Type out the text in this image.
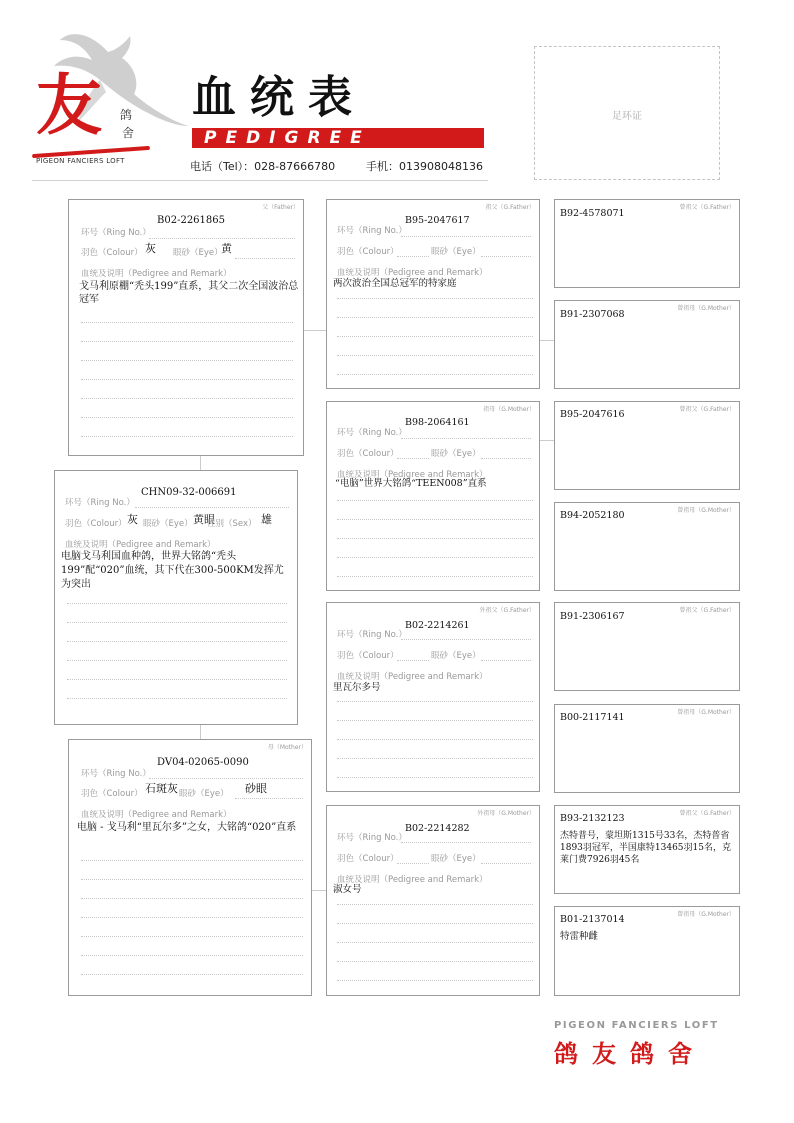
友 鸽
舍
PIGEON FANCIERS LOFT
血统表
PEDIGREE
电话（Tel）：028-87666780	手机：013908048136
足环证
父（Father）
环号（Ring No.）
B02-2261865
羽色（Colour） 灰 眼砂（Eye）
黄
血统及说明（Pedigree and Remark）
戈马利原棚“秃头199”直系，其父二次全国波治总冠军
环号（Ring No.）
CHN09-32-006691
羽色（Colour） 灰 眼砂（Eye） 黄眼
性别（Sex） 雄
血统及说明（Pedigree and Remark）
电脑戈马利国血种鸽，世界大铭鸽“秃头199”配“020”血统，其下代在300-500KM发挥尤为突出
母（Mother）
环号（Ring No.）
DV04-02065-0090
羽色（Colour） 石斑灰 眼砂（Eye） 砂眼
血统及说明（Pedigree and Remark）
电脑 - 戈马利“里瓦尔多”之女，大铭鸽“020”直系
祖父（G.Father）
环号（Ring No.）
B95-2047617
羽色（Colour）	眼砂（Eye）
血统及说明（Pedigree and Remark）
两次波治全国总冠军的特家庭
祖母（G.Mother）
环号（Ring No.）
B98-2064161
羽色（Colour）	眼砂（Eye）
血统及说明（Pedigree and Remark）
“电脑”世界大铭鸽“TEEN008”直系
外祖父（G.Father）
环号（Ring No.）
B02-2214261
羽色（Colour）	眼砂（Eye）
血统及说明（Pedigree and Remark）
里瓦尔多号
外祖母（G.Mother）
环号（Ring No.）
B02-2214282
羽色（Colour）	眼砂（Eye）
血统及说明（Pedigree and Remark）
淑女号
曾祖父（G.Father）
B92-4578071
曾祖母（G.Mother）
B91-2307068
曾祖父（G.Father）
B95-2047616
曾祖母（G.Mother）
B94-2052180
曾祖父（G.Father）
B91-2306167
曾祖母（G.Mother）
B00-2117141
曾祖父（G.Father）
B93-2132123
杰特普号，蒙坦斯1315号33名，杰特普省1893羽冠军，半国康特13465羽15名，克莱门费7926羽45名
曾祖母（G.Mother）
B01-2137014
特雷种雌
PIGEON FANCIERS LOFT
鸽友鸽舍
